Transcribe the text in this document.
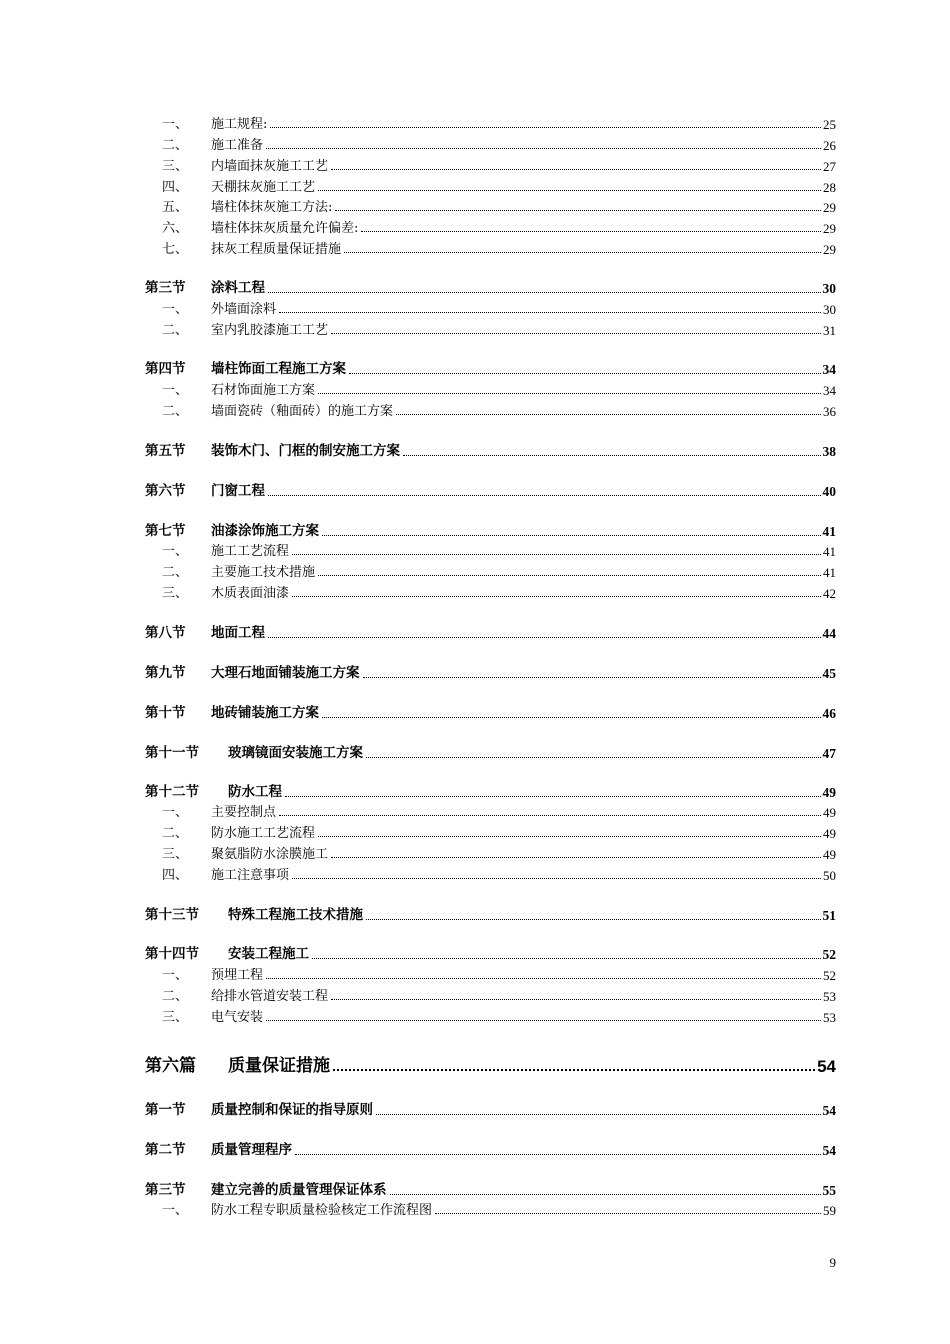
一、	施工规程:	25
二、	施工准备	26
三、	内墙面抹灰施工工艺	27
四、	天棚抹灰施工工艺	28
五、	墙柱体抹灰施工方法:	29
六、	墙柱体抹灰质量允许偏差:	29
七、	抹灰工程质量保证措施	29
第三节	涂料工程	30
一、	外墙面涂料	30
二、	室内乳胶漆施工工艺	31
第四节	墙柱饰面工程施工方案	34
一、	石材饰面施工方案	34
二、	墙面瓷砖（釉面砖）的施工方案	36
第五节	装饰木门、门框的制安施工方案	38
第六节	门窗工程	40
第七节	油漆涂饰施工方案	41
一、	施工工艺流程	41
二、	主要施工技术措施	41
三、	木质表面油漆	42
第八节	地面工程	44
第九节	大理石地面铺装施工方案	45
第十节	地砖铺装施工方案	46
第十一节	玻璃镜面安装施工方案	47
第十二节	防水工程	49
一、	主要控制点	49
二、	防水施工工艺流程	49
三、	聚氨脂防水涂膜施工	49
四、	施工注意事项	50
第十三节	特殊工程施工技术措施	51
第十四节	安装工程施工	52
一、	预埋工程	52
二、	给排水管道安装工程	53
三、	电气安装	53
第六篇	质量保证措施	54
第一节	质量控制和保证的指导原则	54
第二节	质量管理程序	54
第三节	建立完善的质量管理保证体系	55
一、	防水工程专职质量检验核定工作流程图	59
9
